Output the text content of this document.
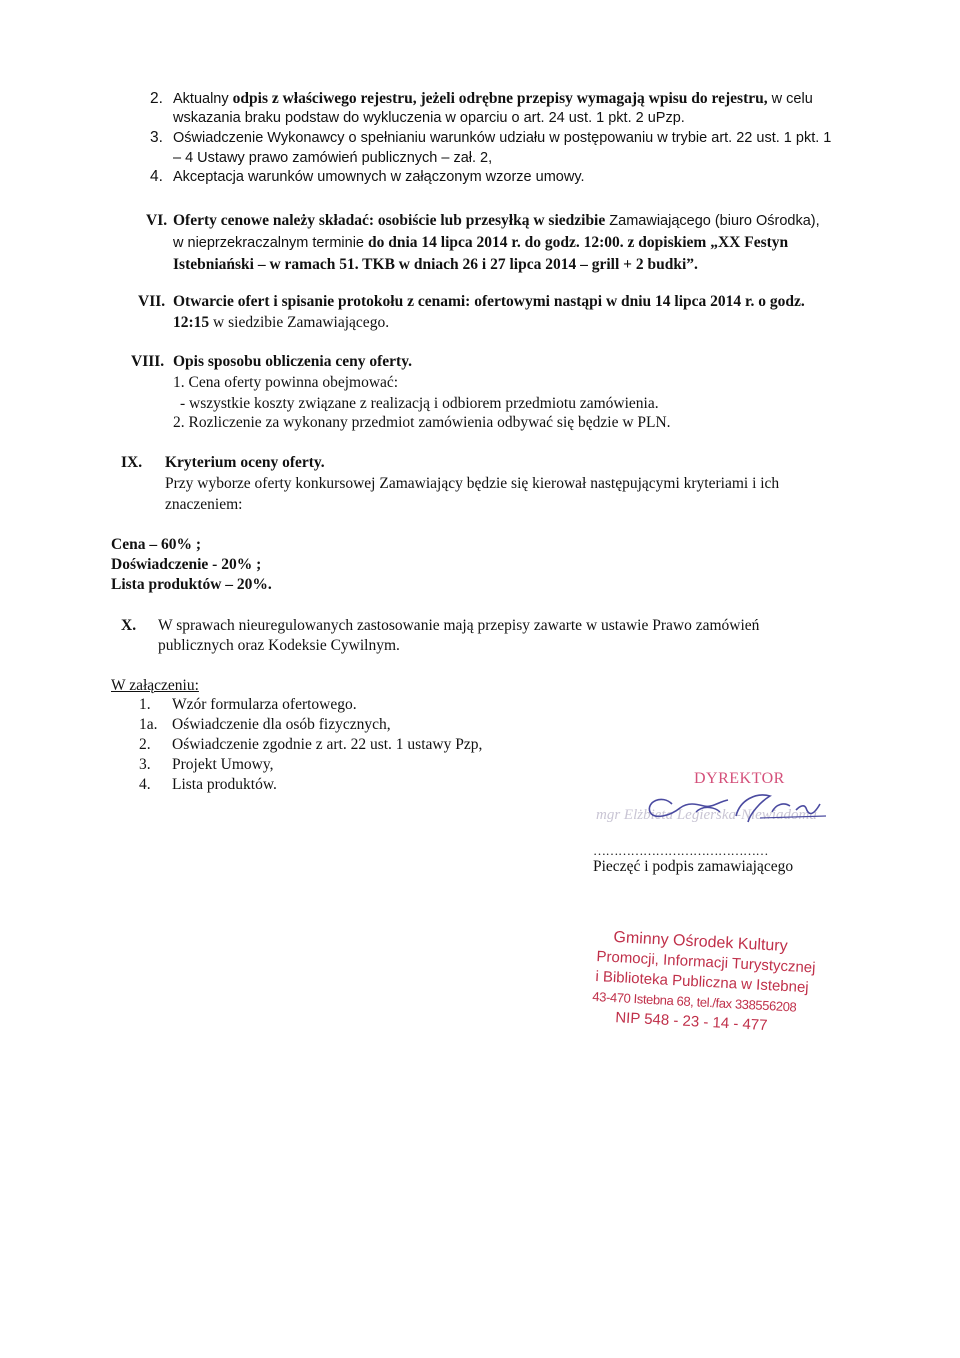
2. Aktualny odpis z właściwego rejestru, jeżeli odrębne przepisy wymagają wpisu do rejestru, w celu
wskazania braku podstaw do wykluczenia w oparciu o art. 24 ust. 1 pkt. 2 uPzp.
3. Oświadczenie Wykonawcy o spełnianiu warunków udziału w postępowaniu w trybie art. 22 ust. 1 pkt. 1
– 4 Ustawy prawo zamówień publicznych – zał. 2,
4. Akceptacja warunków umownych w załączonym wzorze umowy.
VI. Oferty cenowe należy składać: osobiście lub przesyłką w siedzibie Zamawiającego (biuro Ośrodka),
w nieprzekraczalnym terminie do dnia 14 lipca 2014 r. do godz. 12:00. z dopiskiem „XX Festyn
Istebniański – w ramach 51. TKB w dniach 26 i 27 lipca 2014 – grill + 2 budki”.
VII. Otwarcie ofert i spisanie protokołu z cenami: ofertowymi nastąpi w dniu 14 lipca 2014 r. o godz.
12:15 w siedzibie Zamawiającego.
VIII. Opis sposobu obliczenia ceny oferty.
1. Cena oferty powinna obejmować:
- wszystkie koszty związane z realizacją i odbiorem przedmiotu zamówienia.
2. Rozliczenie za wykonany przedmiot zamówienia odbywać się będzie w PLN.
IX. Kryterium oceny oferty.
Przy wyborze oferty konkursowej Zamawiający będzie się kierował następującymi kryteriami i ich
znaczeniem:
Cena – 60% ;
Doświadczenie - 20% ;
Lista produktów – 20%.
X. W sprawach nieuregulowanych zastosowanie mają przepisy zawarte w ustawie Prawo zamówień
publicznych oraz Kodeksie Cywilnym.
W załączeniu:
1. Wzór formularza ofertowego.
1a. Oświadczenie dla osób fizycznych,
2. Oświadczenie zgodnie z art. 22 ust. 1 ustawy Pzp,
3. Projekt Umowy,
4. Lista produktów.	DYREKTOR
mgr Elżbieta Legierska-Niewiadoma
……………………………………
Pieczęć i podpis zamawiającego
Gminny Ośrodek Kultury
Promocji, Informacji Turystycznej
i Biblioteka Publiczna w Istebnej
43-470 Istebna 68, tel./fax 338556208
NIP 548 - 23 - 14 - 477
